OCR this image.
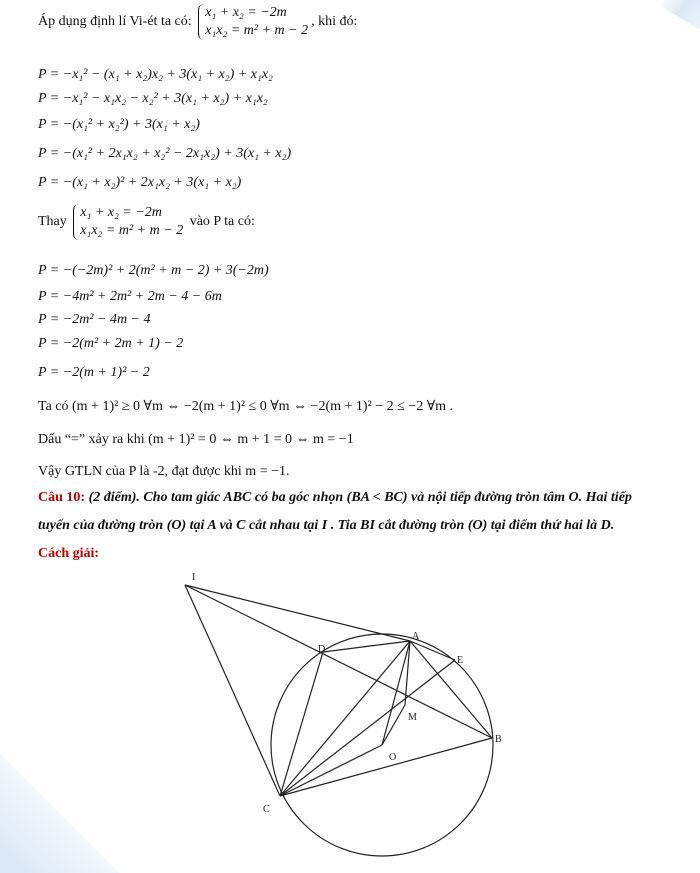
Áp dụng định lí Vi-ét ta có: x₁ + x₂ = −2m
x₁x₂ = m² + m − 2, khi đó:
P = −x₁² − (x₁ + x₂)x₂ + 3(x₁ + x₂) + x₁x₂
P = −x₁² − x₁x₂ − x₂² + 3(x₁ + x₂) + x₁x₂
P = −(x₁² + x₂²) + 3(x₁ + x₂)
P = −(x₁² + 2x₁x₂ + x₂² − 2x₁x₂) + 3(x₁ + x₂)
P = −(x₁ + x₂)² + 2x₁x₂ + 3(x₁ + x₂)
Thay x₁ + x₂ = −2m
x₁x₂ = m² + m − 2 vào P ta có:
P = −(−2m)² + 2(m² + m − 2) + 3(−2m)
P = −4m² + 2m² + 2m − 4 − 6m
P = −2m² − 4m − 4
P = −2(m² + 2m + 1) − 2
P = −2(m + 1)² − 2
Ta có (m + 1)² ≥ 0 ∀m ⇔ −2(m + 1)² ≤ 0 ∀m ⇔ −2(m + 1)² − 2 ≤ −2 ∀m .
Dấu “=” xảy ra khi (m + 1)² = 0 ⇔ m + 1 = 0 ⇔ m = −1
Vậy GTLN của P là -2, đạt được khi m = −1.
Câu 10: (2 điểm). Cho tam giác ABC có ba góc nhọn (BA < BC) và nội tiếp đường tròn tâm O. Hai tiếp
tuyến của đường tròn (O) tại A và C cắt nhau tại I . Tia BI cắt đường tròn (O) tại điểm thứ hai là D.
Cách giải:
I
D
A
E
M
O
B
C
